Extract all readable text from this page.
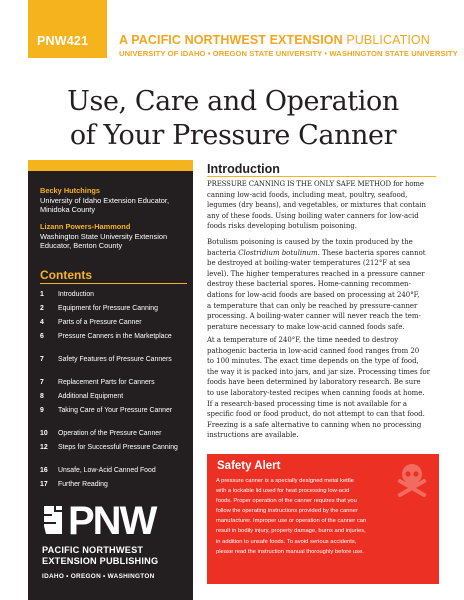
PNW421 A PACIFIC NORTHWEST EXTENSION PUBLICATION
UNIVERSITY OF IDAHO • OREGON STATE UNIVERSITY • WASHINGTON STATE UNIVERSITY
Use, Care and Operation
of Your Pressure Canner
Becky Hutchings
University of Idaho Extension Educator,
Minidoka County
Lizann Powers-Hammond
Washington State University Extension
Educator, Benton County
Contents
1 Introduction
2 Equipment for Pressure Canning
4 Parts of a Pressure Canner
6 Pressure Canners in the Marketplace
7 Safety Features of Pressure Canners
7 Replacement Parts for Canners
8 Additional Equipment
9 Taking Care of Your Pressure Canner
10 Operation of the Pressure Canner
12 Steps for Successful Pressure Canning
16 Unsafe, Low-Acid Canned Food
17 Further Reading
PNW
PACIFIC NORTHWEST
EXTENSION PUBLISHING
IDAHO • OREGON • WASHINGTON
Introduction
PRESSURE CANNING IS THE ONLY SAFE METHOD for home
canning low-acid foods, including meat, poultry, seafood,
legumes (dry beans), and vegetables, or mixtures that contain
any of these foods. Using boiling water canners for low-acid
foods risks developing botulism poisoning.
Botulism poisoning is caused by the toxin produced by the
bacteria Clostridium botulinum. These bacteria spores cannot
be destroyed at boiling-water temperatures (212°F at sea
level). The higher temperatures reached in a pressure canner
destroy these bacterial spores. Home-canning recommen-
dations for low-acid foods are based on processing at 240°F,
a temperature that can only be reached by pressure-canner
processing. A boiling-water canner will never reach the tem-
perature necessary to make low-acid canned foods safe.
At a temperature of 240°F, the time needed to destroy
pathogenic bacteria in low-acid canned food ranges from 20
to 100 minutes. The exact time depends on the type of food,
the way it is packed into jars, and jar size. Processing times for
foods have been determined by laboratory research. Be sure
to use laboratory-tested recipes when canning foods at home.
If a research-based processing time is not available for a
specific food or food product, do not attempt to can that food.
Freezing is a safe alternative to canning when no processing
instructions are available.
Safety Alert
A pressure canner is a specially designed metal kettle
with a lockable lid used for heat processing low-acid
foods. Proper operation of the canner requires that you
follow the operating instructions provided by the canner
manufacturer. Improper use or operation of the canner can
result in bodily injury, property damage, burns and injuries,
in addition to unsafe foods. To avoid serious accidents,
please read the instruction manual thoroughly before use.
